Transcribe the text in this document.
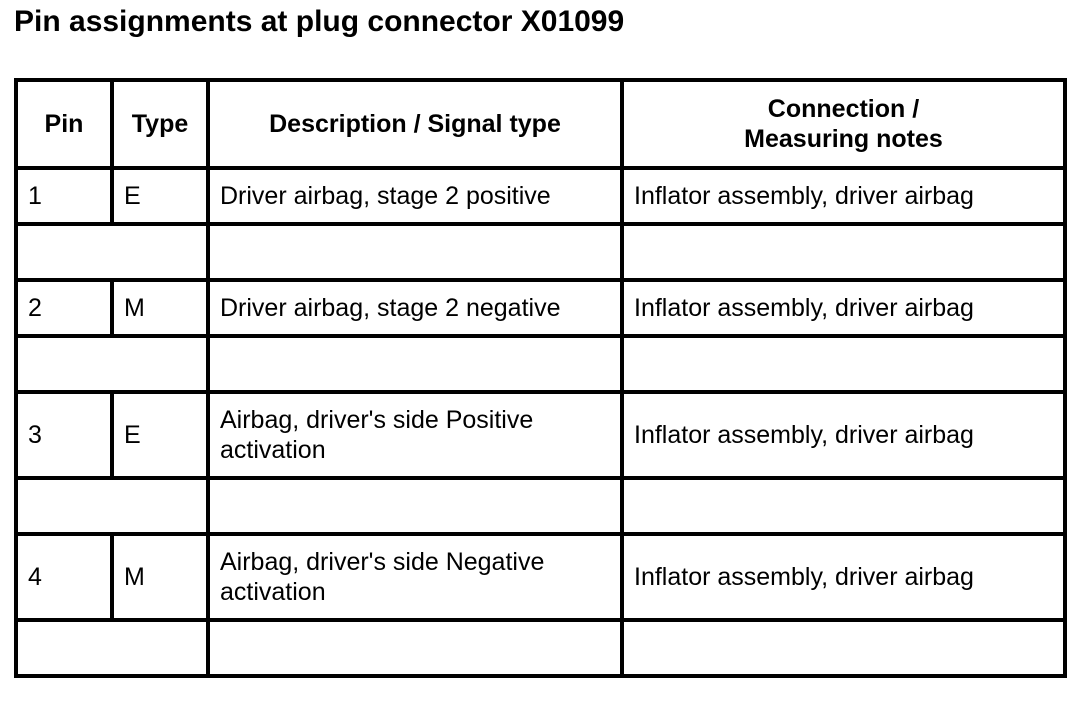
Pin assignments at plug connector X01099
Pin	Type	Description / Signal type	Connection /
Measuring notes

1	E	Driver airbag, stage 2 positive	Inflator assembly, driver airbag

2	M	Driver airbag, stage 2 negative	Inflator assembly, driver airbag

3	E	Airbag, driver's side Positive activation	Inflator assembly, driver airbag

4	M	Airbag, driver's side Negative activation	Inflator assembly, driver airbag
